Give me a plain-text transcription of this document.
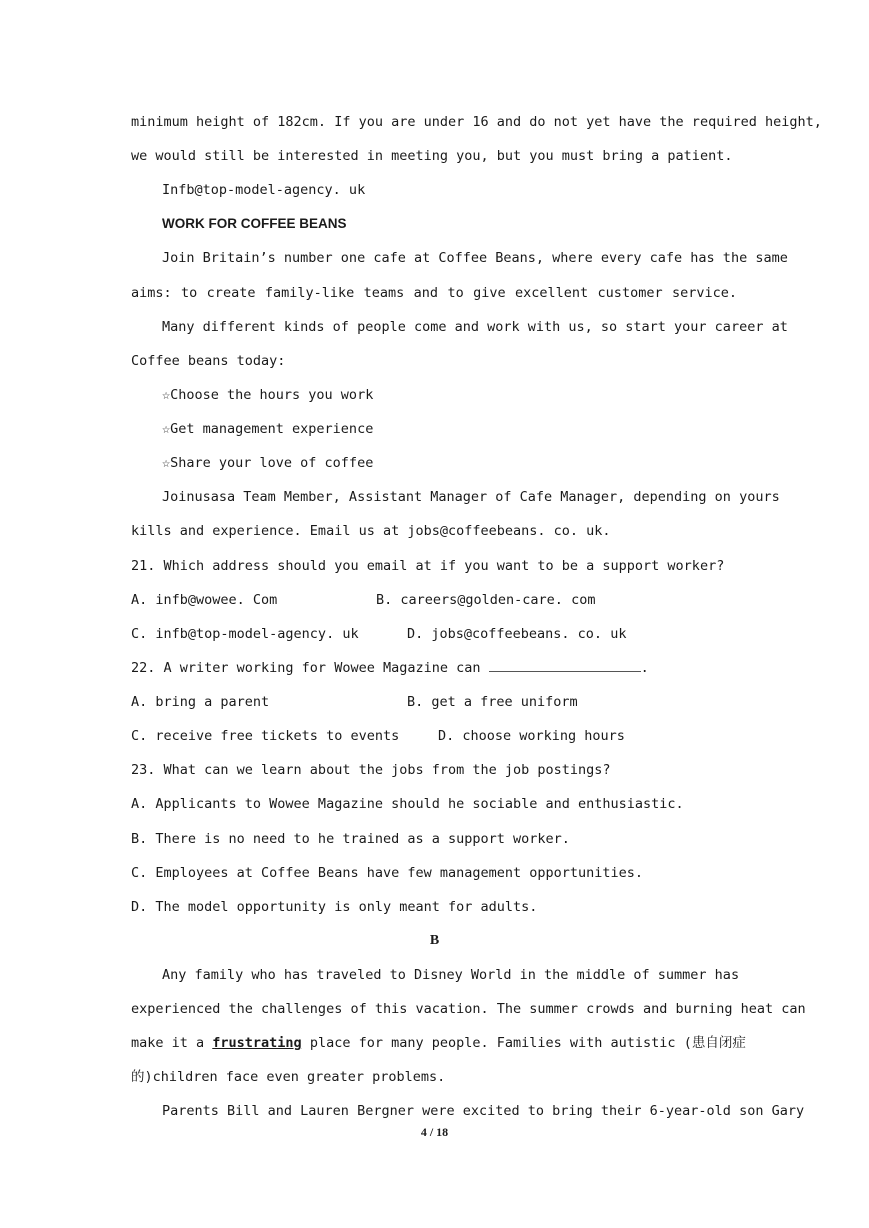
minimum height of 182cm. If you are under 16 and do not yet have the required height,

we would still be interested in meeting you, but you must bring a patient.

Infb@top-model-agency. uk

WORK FOR COFFEE BEANS

Join Britain’s number one cafe at Coffee Beans, where every cafe has the same

aims: to create family-like teams and to give excellent customer service.

Many different kinds of people come and work with us, so start your career at

Coffee beans today:

☆Choose the hours you work

☆Get management experience

☆Share your love of coffee

Joinusasa Team Member, Assistant Manager of Cafe Manager, depending on yours

kills and experience. Email us at jobs@coffeebeans. co. uk.

21. Which address should you email at if you want to be a support worker?

A. infb@wowee. Com	B. careers@golden-care. com

C. infb@top-model-agency. uk	D. jobs@coffeebeans. co. uk

22. A writer working for Wowee Magazine can	.

A. bring a parent	B. get a free uniform

C. receive free tickets to events	D. choose working hours

23. What can we learn about the jobs from the job postings?

A. Applicants to Wowee Magazine should he sociable and enthusiastic.

B. There is no need to he trained as a support worker.

C. Employees at Coffee Beans have few management opportunities.

D. The model opportunity is only meant for adults.

B

Any family who has traveled to Disney World in the middle of summer has

experienced the challenges of this vacation. The summer crowds and burning heat can

make it a frustrating place for many people. Families with autistic (患自闭症

的)children face even greater problems.

Parents Bill and Lauren Bergner were excited to bring their 6-year-old son Gary

4 / 18
